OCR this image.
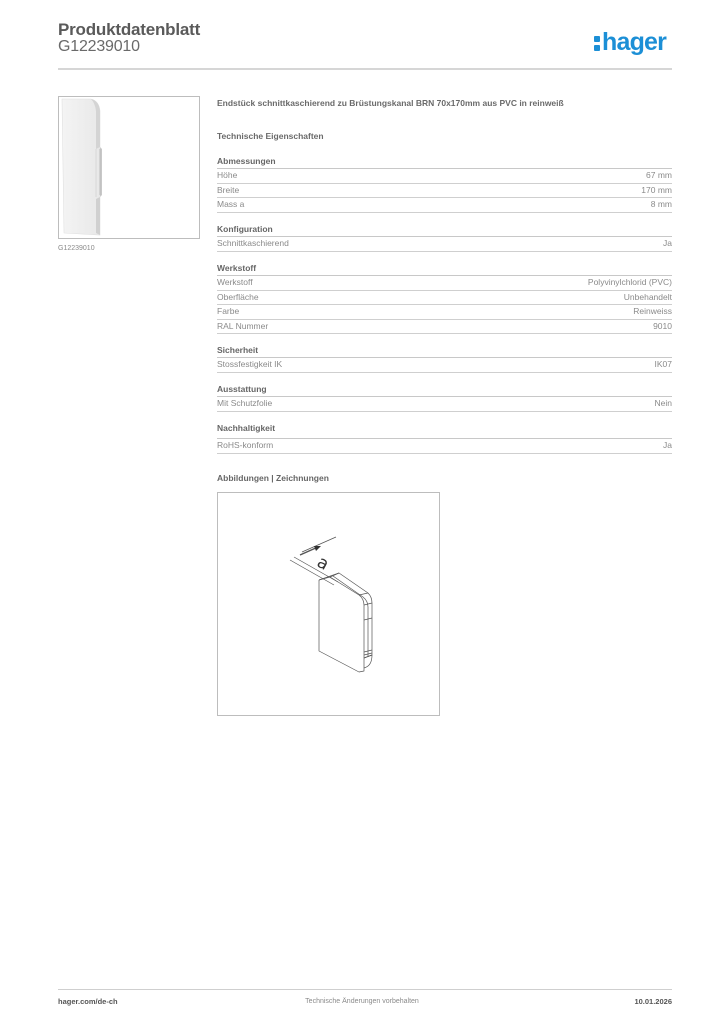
Produktdatenblatt
G12239010	hager
G12239010
Endstück schnittkaschierend zu Brüstungskanal BRN 70x170mm aus PVC in reinweiß
Technische Eigenschaften
Abmessungen
Höhe	67 mm
Breite	170 mm
Mass a	8 mm
Konfiguration
Schnittkaschierend	Ja
Werkstoff
Werkstoff	Polyvinylchlorid (PVC)
Oberfläche	Unbehandelt
Farbe	Reinweiss
RAL Nummer	9010
Sicherheit
Stossfestigkeit IK	IK07
Ausstattung
Mit Schutzfolie	Nein
Nachhaltigkeit
RoHS-konform	Ja
Abbildungen | Zeichnungen
a
hager.com/de-ch	Technische Änderungen vorbehalten	10.01.2026
